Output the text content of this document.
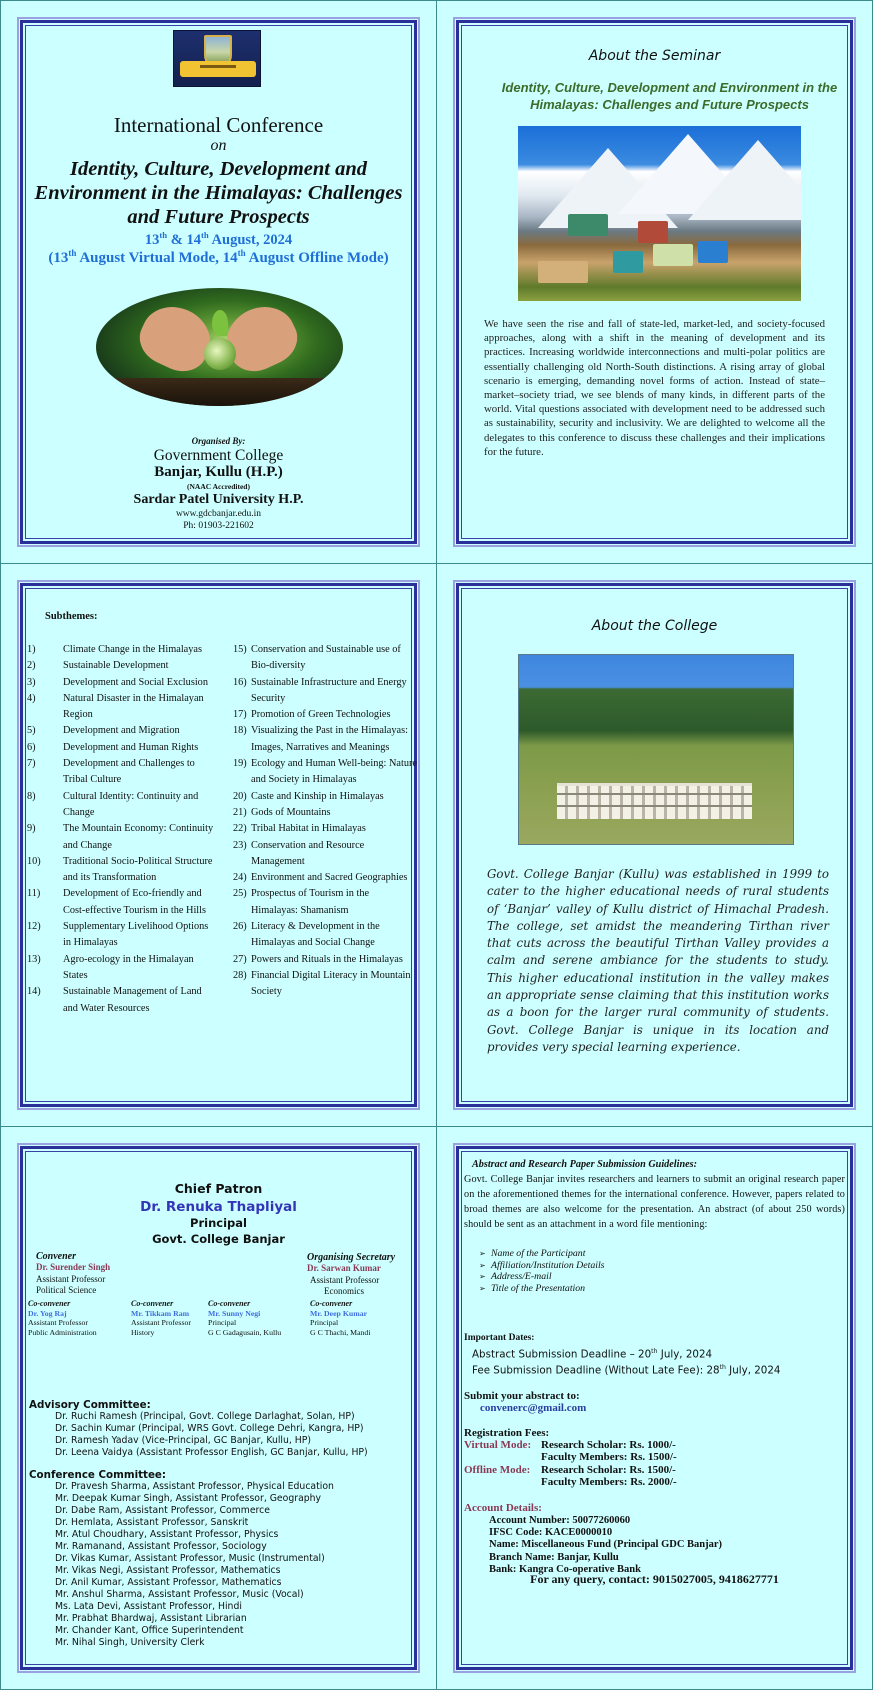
International Conference
on
Identity, Culture, Development and Environment in the Himalayas: Challenges and Future Prospects
13th & 14th August, 2024
(13th August Virtual Mode, 14th August Offline Mode)
Organised By:
Government College
Banjar, Kullu (H.P.)
(NAAC Accredited)
Sardar Patel University H.P.
www.gdcbanjar.edu.in
Ph: 01903-221602
About the Seminar
Identity, Culture, Development and Environment in the Himalayas: Challenges and Future Prospects
We have seen the rise and fall of state-led, market-led, and society-focused approaches, along with a shift in the meaning of development and its practices. Increasing worldwide interconnections and multi-polar politics are essentially challenging old North-South distinctions. A rising array of global scenario is emerging, demanding novel forms of action. Instead of state–market–society triad, we see blends of many kinds, in different parts of the world. Vital questions associated with development need to be addressed such as sustainability, security and inclusivity. We are delighted to welcome all the delegates to this conference to discuss these challenges and their implications for the future.
Subthemes:
1)	Climate Change in the Himalayas
2)	Sustainable Development
3)	Development and Social Exclusion
4)	Natural Disaster in the Himalayan Region
5)	Development and Migration
6)	Development and Human Rights
7)	Development and Challenges to Tribal Culture
8)	Cultural Identity: Continuity and Change
9)	The Mountain Economy: Continuity and Change
10)	Traditional Socio-Political Structure and its Transformation
11)	Development of Eco-friendly and Cost-effective Tourism in the Hills
12)	Supplementary Livelihood Options in Himalayas
13)	Agro-ecology in the Himalayan States
14)	Sustainable Management of Land and Water Resources
15) Conservation and Sustainable use of Bio-diversity
16) Sustainable Infrastructure and Energy Security
17) Promotion of Green Technologies
18) Visualizing the Past in the Himalayas: Images, Narratives and Meanings
19) Ecology and Human Well-being: Nature and Society in Himalayas
20) Caste and Kinship in Himalayas
21) Gods of Mountains
22) Tribal Habitat in Himalayas
23) Conservation and Resource Management
24) Environment and Sacred Geographies
25) Prospectus of Tourism in the Himalayas: Shamanism
26) Literacy & Development in the Himalayas and Social Change
27) Powers and Rituals in the Himalayas
28) Financial Digital Literacy in Mountain Society
About the College
Govt. College Banjar (Kullu) was established in 1999 to cater to the higher educational needs of rural students of ‘Banjar’ valley of Kullu district of Himachal Pradesh. The college, set amidst the meandering Tirthan river that cuts across the beautiful Tirthan Valley provides a calm and serene ambiance for the students to study. This higher educational institution in the valley makes an appropriate sense claiming that this institution works as a boon for the larger rural community of students. Govt. College Banjar is unique in its location and provides very special learning experience.
Chief Patron
Dr. Renuka Thapliyal
Principal
Govt. College Banjar
Convener
Dr. Surender Singh
Assistant Professor
Political Science
Organising Secretary
Dr. Sarwan Kumar
Assistant Professor
Economics
Co-convener
Dr. Yog Raj
Assistant Professor
Public Administration
Co-convener
Mr. Tikkam Ram
Assistant Professor
History
Co-convener
Mr. Sunny Negi
Principal
G C Gadagusain, Kullu
Co-convener
Mr. Deep Kumar
Principal
G C Thachi, Mandi
Advisory Committee:
Dr. Ruchi Ramesh (Principal, Govt. College Darlaghat, Solan, HP)
Dr. Sachin Kumar (Principal, WRS Govt. College Dehri, Kangra, HP)
Dr. Ramesh Yadav (Vice-Principal, GC Banjar, Kullu, HP)
Dr. Leena Vaidya (Assistant Professor English, GC Banjar, Kullu, HP)
Conference Committee:
Dr. Pravesh Sharma, Assistant Professor, Physical Education
Mr. Deepak Kumar Singh, Assistant Professor, Geography
Dr. Dabe Ram, Assistant Professor, Commerce
Dr. Hemlata, Assistant Professor, Sanskrit
Mr. Atul Choudhary, Assistant Professor, Physics
Mr. Ramanand, Assistant Professor, Sociology
Dr. Vikas Kumar, Assistant Professor, Music (Instrumental)
Mr. Vikas Negi, Assistant Professor, Mathematics
Dr. Anil Kumar, Assistant Professor, Mathematics
Mr. Anshul Sharma, Assistant Professor, Music (Vocal)
Ms. Lata Devi, Assistant Professor, Hindi
Mr. Prabhat Bhardwaj, Assistant Librarian
Mr. Chander Kant, Office Superintendent
Mr. Nihal Singh, University Clerk
Abstract and Research Paper Submission Guidelines:
Govt. College Banjar invites researchers and learners to submit an original research paper on the aforementioned themes for the international conference. However, papers related to broad themes are also welcome for the presentation. An abstract (of about 250 words) should be sent as an attachment in a word file mentioning:
➢ Name of the Participant
➢ Affiliation/Institution Details
➢ Address/E-mail
➢ Title of the Presentation
Important Dates:
Abstract Submission Deadline – 20th July, 2024
Fee Submission Deadline (Without Late Fee): 28th July, 2024
Submit your abstract to:
convenerc@gmail.com
Registration Fees:
Virtual Mode: Research Scholar: Rs. 1000/-
Faculty Members: Rs. 1500/-
Offline Mode: Research Scholar: Rs. 1500/-
Faculty Members: Rs. 2000/-
Account Details:
Account Number: 50077260060
IFSC Code: KACE0000010
Name: Miscellaneous Fund (Principal GDC Banjar)
Branch Name: Banjar, Kullu
Bank: Kangra Co-operative Bank
For any query, contact: 9015027005, 9418627771
